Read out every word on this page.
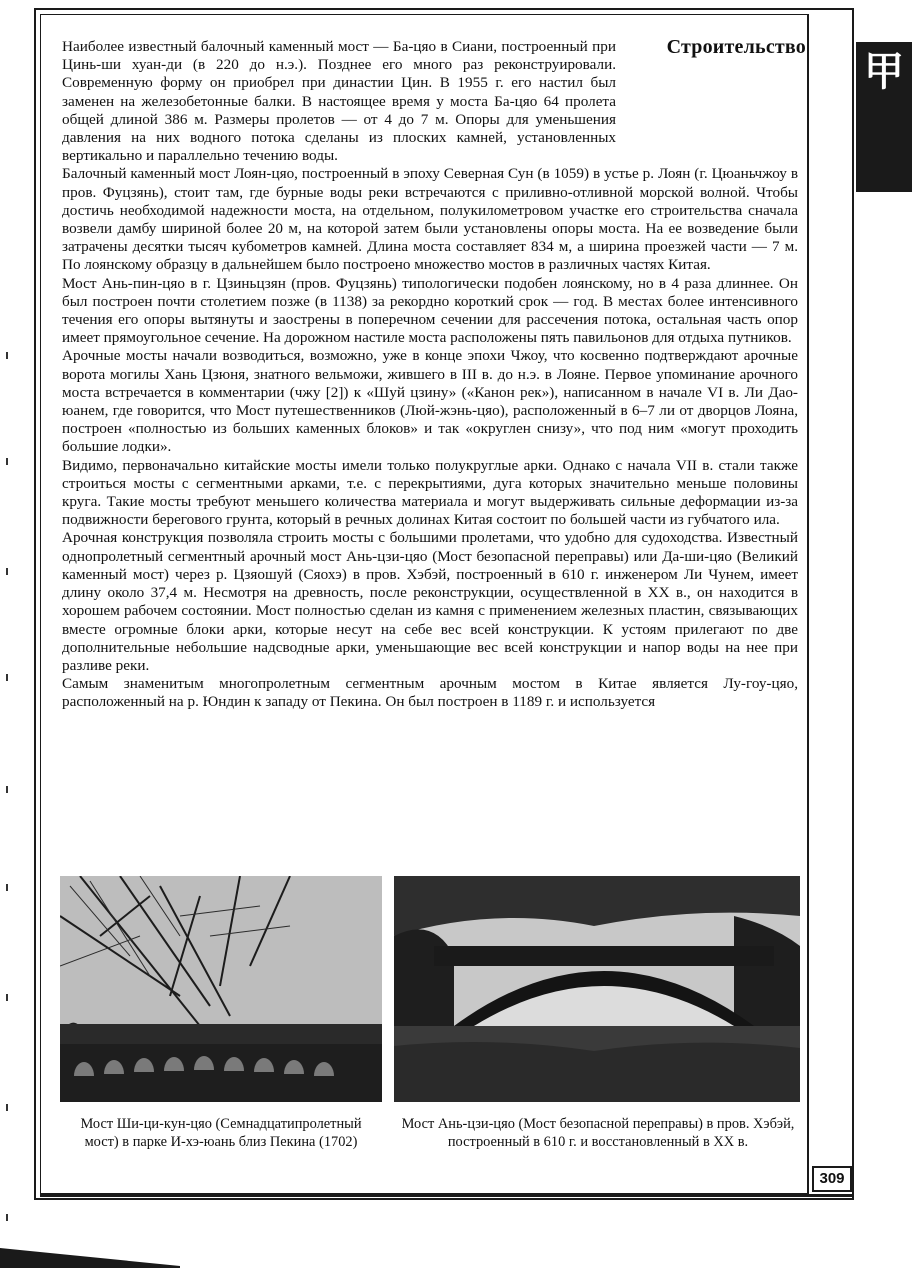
甲
Строительство

Наиболее известный балочный каменный мост — Ба-цяо в Сиани, построенный при Цинь-ши хуан-ди (в 220 до н.э.). Позднее его много раз реконструировали. Современную форму он приобрел при династии Цин. В 1955 г. его настил был заменен на железобетонные балки. В настоящее время у моста Ба-цяо 64 пролета общей длиной 386 м. Размеры пролетов — от 4 до 7 м. Опоры для уменьшения давления на них водного потока сделаны из плоских камней, установленных вертикально и параллельно течению воды.

Балочный каменный мост Лоян-цяо, построенный в эпоху Северная Сун (в 1059) в устье р. Лоян (г. Цюаньчжоу в пров. Фуцзянь), стоит там, где бурные воды реки встречаются с приливно-отливной морской волной. Чтобы достичь необходимой надежности моста, на отдельном, полукилометровом участке его строительства сначала возвели дамбу шириной более 20 м, на которой затем были установлены опоры моста. На ее возведение были затрачены десятки тысяч кубометров камней. Длина моста составляет 834 м, а ширина проезжей части — 7 м. По лоянскому образцу в дальнейшем было построено множество мостов в различных частях Китая.

Мост Ань-пин-цяо в г. Цзиньцзян (пров. Фуцзянь) типологически подобен лоянскому, но в 4 раза длиннее. Он был построен почти столетием позже (в 1138) за рекордно короткий срок — год. В местах более интенсивного течения его опоры вытянуты и заострены в поперечном сечении для рассечения потока, остальная часть опор имеет прямоугольное сечение. На дорожном настиле моста расположены пять павильонов для отдыха путников.

Арочные мосты начали возводиться, возможно, уже в конце эпохи Чжоу, что косвенно подтверждают арочные ворота могилы Хань Цзюня, знатного вельможи, жившего в III в. до н.э. в Лояне. Первое упоминание арочного моста встречается в комментарии (чжу [2]) к «Шуй цзину» («Канон рек»), написанном в начале VI в. Ли Дао-юанем, где говорится, что Мост путешественников (Люй-жэнь-цяо), расположенный в 6–7 ли от дворцов Лояна, построен «полностью из больших каменных блоков» и так «округлен снизу», что под ним «могут проходить большие лодки».

Видимо, первоначально китайские мосты имели только полукруглые арки. Однако с начала VII в. стали также строиться мосты с сегментными арками, т.е. с перекрытиями, дуга которых значительно меньше половины круга. Такие мосты требуют меньшего количества материала и могут выдерживать сильные деформации из-за подвижности берегового грунта, который в речных долинах Китая состоит по большей части из губчатого ила.

Арочная конструкция позволяла строить мосты с большими пролетами, что удобно для судоходства. Известный однопролетный сегментный арочный мост Ань-цзи-цяо (Мост безопасной переправы) или Да-ши-цяо (Великий каменный мост) через р. Цзяошуй (Сяохэ) в пров. Хэбэй, построенный в 610 г. инженером Ли Чунем, имеет длину около 37,4 м. Несмотря на древность, после реконструкции, осуществленной в XX в., он находится в хорошем рабочем состоянии. Мост полностью сделан из камня с применением железных пластин, связывающих вместе огромные блоки арки, которые несут на себе вес всей конструкции. К устоям прилегают по две дополнительные небольшие надсводные арки, уменьшающие вес всей конструкции и напор воды на нее при разливе реки.

Самым знаменитым многопролетным сегментным арочным мостом в Китае является Лу-гоу-цяо, расположенный на р. Юндин к западу от Пекина. Он был построен в 1189 г. и используется

Мост Ши-ци-кун-цяо (Семнадцатипролетный мост) в парке И-хэ-юань близ Пекина (1702)
Мост Ань-цзи-цяо (Мост безопасной переправы) в пров. Хэбэй, построенный в 610 г. и восстановленный в XX в.
309
